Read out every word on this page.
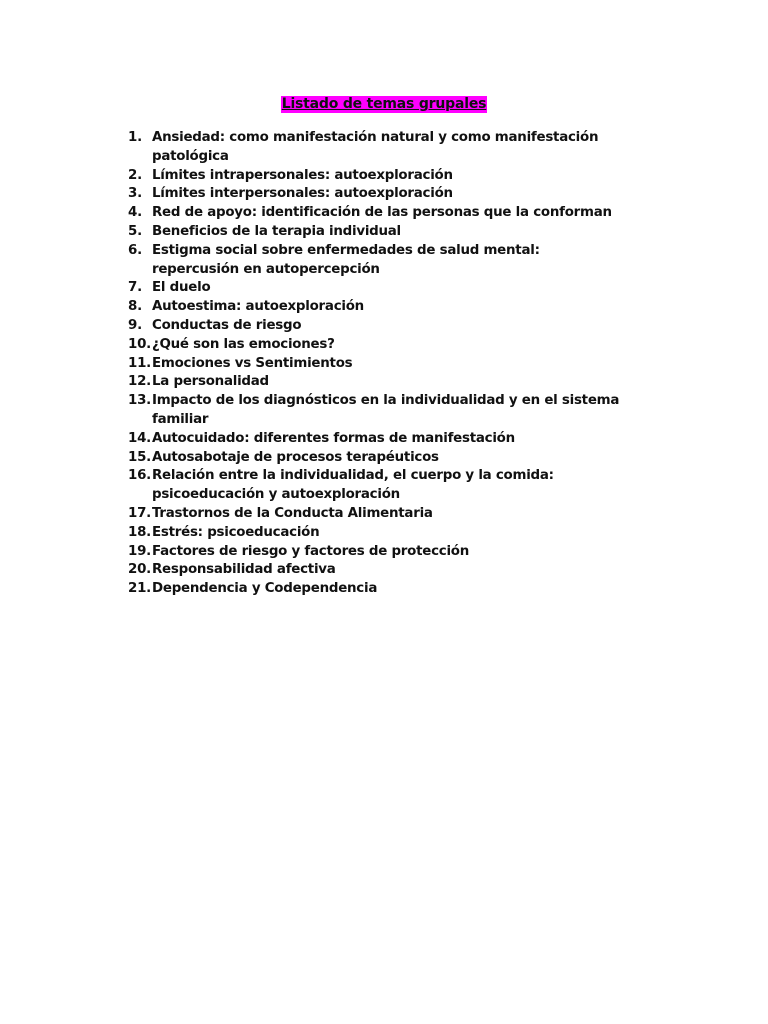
Listado de temas grupales
1. Ansiedad: como manifestación natural y como manifestación patológica
2. Límites intrapersonales: autoexploración
3. Límites interpersonales: autoexploración
4. Red de apoyo: identificación de las personas que la conforman
5. Beneficios de la terapia individual
6. Estigma social sobre enfermedades de salud mental: repercusión en autopercepción
7. El duelo
8. Autoestima: autoexploración
9. Conductas de riesgo
10. ¿Qué son las emociones?
11. Emociones vs Sentimientos
12. La personalidad
13. Impacto de los diagnósticos en la individualidad y en el sistema familiar
14. Autocuidado: diferentes formas de manifestación
15. Autosabotaje de procesos terapéuticos
16. Relación entre la individualidad, el cuerpo y la comida: psicoeducación y autoexploración
17. Trastornos de la Conducta Alimentaria
18. Estrés: psicoeducación
19. Factores de riesgo y factores de protección
20. Responsabilidad afectiva
21. Dependencia y Codependencia
